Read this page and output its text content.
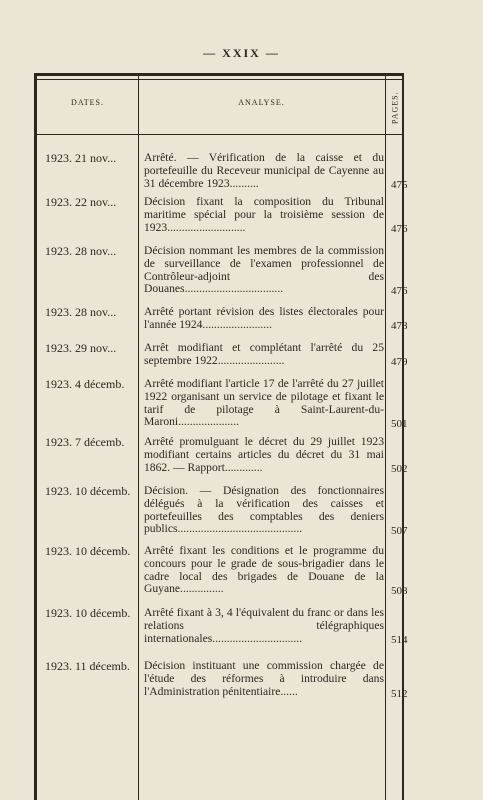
— XXIX —
DATES.	ANALYSE.	PAGES.
1923. 21 nov...	Arrêté. — Vérification de la caisse et du portefeuille du Receveur municipal de Cayenne au 31 décembre 1923..........	475
1923. 22 nov...	Décision fixant la composition du Tribunal maritime spécial pour la troisième session de 1923...........................	476
1923. 28 nov...	Décision nommant les membres de la commission de surveillance de l'examen professionnel de Contrôleur-adjoint des Douanes..................................	476
1923. 28 nov...	Arrêté portant révision des listes électorales pour l'année 1924........................	478
1923. 29 nov...	Arrêt modifiant et complétant l'arrêté du 25 septembre 1922.......................	479
1923. 4 décemb.	Arrêté modifiant l'article 17 de l'arrêté du 27 juillet 1922 organisant un service de pilotage et fixant le tarif de pilotage à Saint-Laurent-du-Maroni.....................	501
1923. 7 décemb.	Arrêté promulguant le décret du 29 juillet 1923 modifiant certains articles du décret du 31 mai 1862. — Rapport.............	502
1923. 10 décemb.	Décision. — Désignation des fonctionnaires délégués à la vérification des caisses et portefeuilles des comptables des deniers publics...........................................	507
1923. 10 décemb.	Arrêté fixant les conditions et le programme du concours pour le grade de sous-brigadier dans le cadre local des brigades de Douane de la Guyane...............	508
1923. 10 décemb.	Arrêté fixant à 3, 4 l'équivalent du franc or dans les relations télégraphiques internationales...............................	514
1923. 11 décemb.	Décision instituant une commission chargée de l'étude des réformes à introduire dans l'Administration pénitentiaire......	512
